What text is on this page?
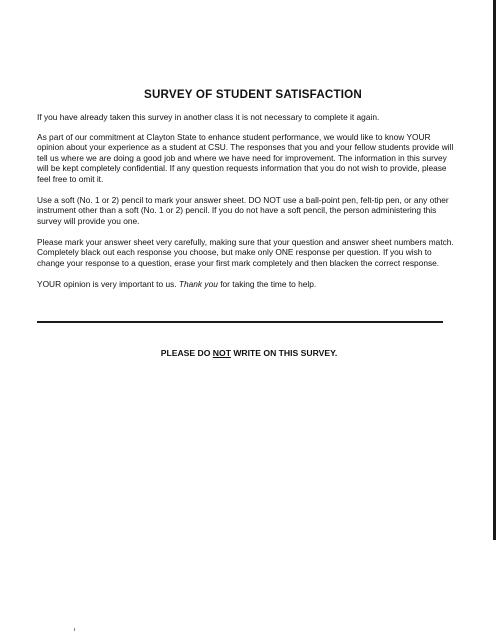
SURVEY OF STUDENT SATISFACTION

If you have already taken this survey in another class it is not necessary to complete it again.

As part of our commitment at Clayton State to enhance student performance, we would like to know YOUR opinion about your experience as a student at CSU. The responses that you and your fellow students provide will tell us where we are doing a good job and where we have need for improvement. The information in this survey will be kept completely confidential. If any question requests information that you do not wish to provide, please feel free to omit it.

Use a soft (No. 1 or 2) pencil to mark your answer sheet. DO NOT use a ball-point pen, felt-tip pen, or any other instrument other than a soft (No. 1 or 2) pencil. If you do not have a soft pencil, the person administering this survey will provide you one.

Please mark your answer sheet very carefully, making sure that your question and answer sheet numbers match. Completely black out each response you choose, but make only ONE response per question. If you wish to change your response to a question, erase your first mark completely and then blacken the correct response.

YOUR opinion is very important to us. Thank you for taking the time to help.

PLEASE DO NOT WRITE ON THIS SURVEY.
